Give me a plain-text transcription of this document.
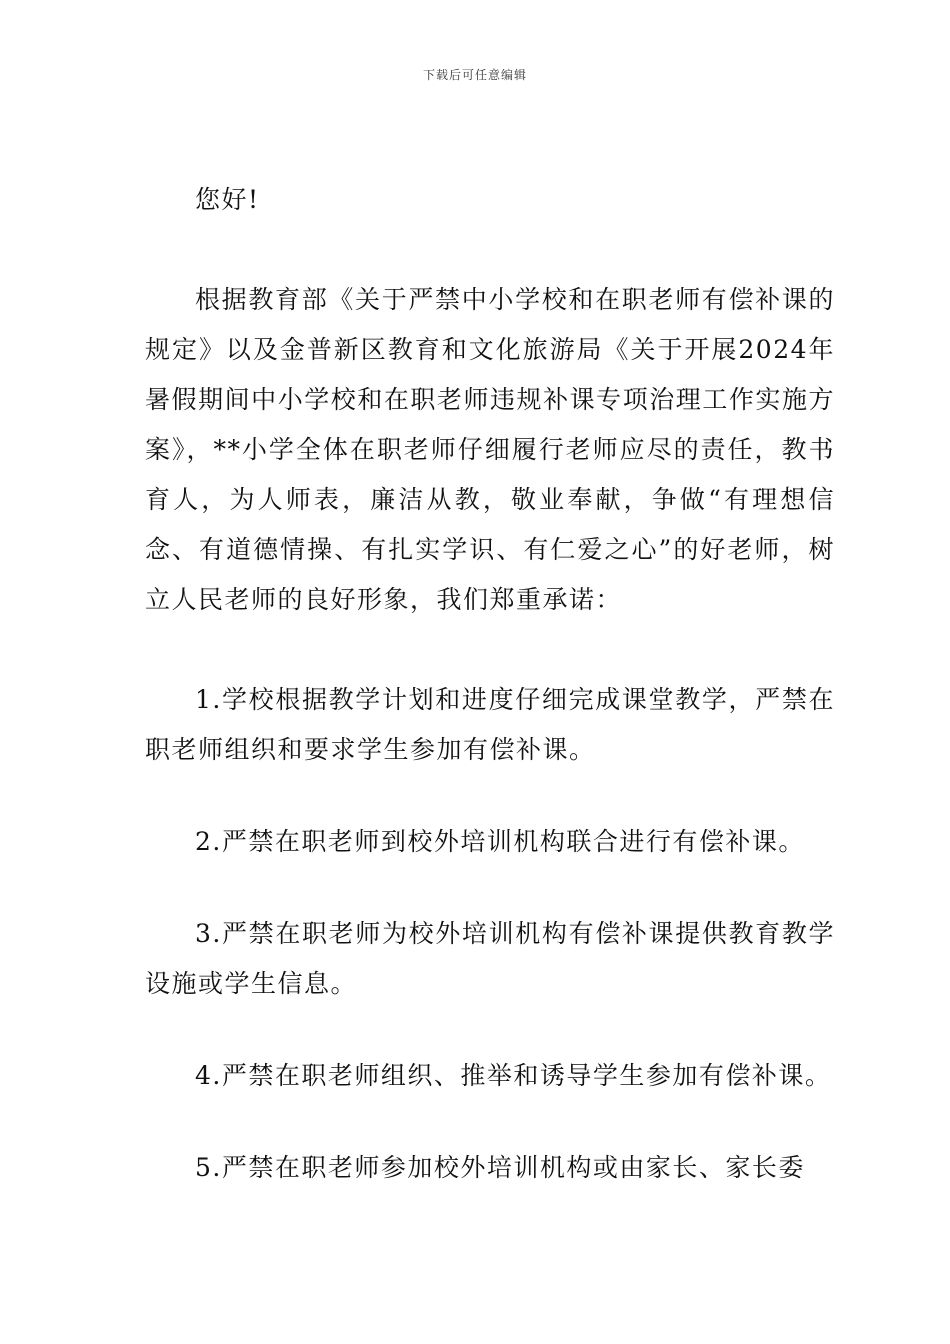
下载后可任意编辑

您好!

根据教育部《关于严禁中小学校和在职老师有偿补课的规定》以及金普新区教育和文化旅游局《关于开展2024年暑假期间中小学校和在职老师违规补课专项治理工作实施方案》，**小学全体在职老师仔细履行老师应尽的责任，教书育人，为人师表，廉洁从教，敬业奉献，争做“有理想信念、有道德情操、有扎实学识、有仁爱之心”的好老师，树立人民老师的良好形象，我们郑重承诺：

1.学校根据教学计划和进度仔细完成课堂教学，严禁在职老师组织和要求学生参加有偿补课。

2.严禁在职老师到校外培训机构联合进行有偿补课。

3.严禁在职老师为校外培训机构有偿补课提供教育教学设施或学生信息。

4.严禁在职老师组织、推举和诱导学生参加有偿补课。

5.严禁在职老师参加校外培训机构或由家长、家长委
